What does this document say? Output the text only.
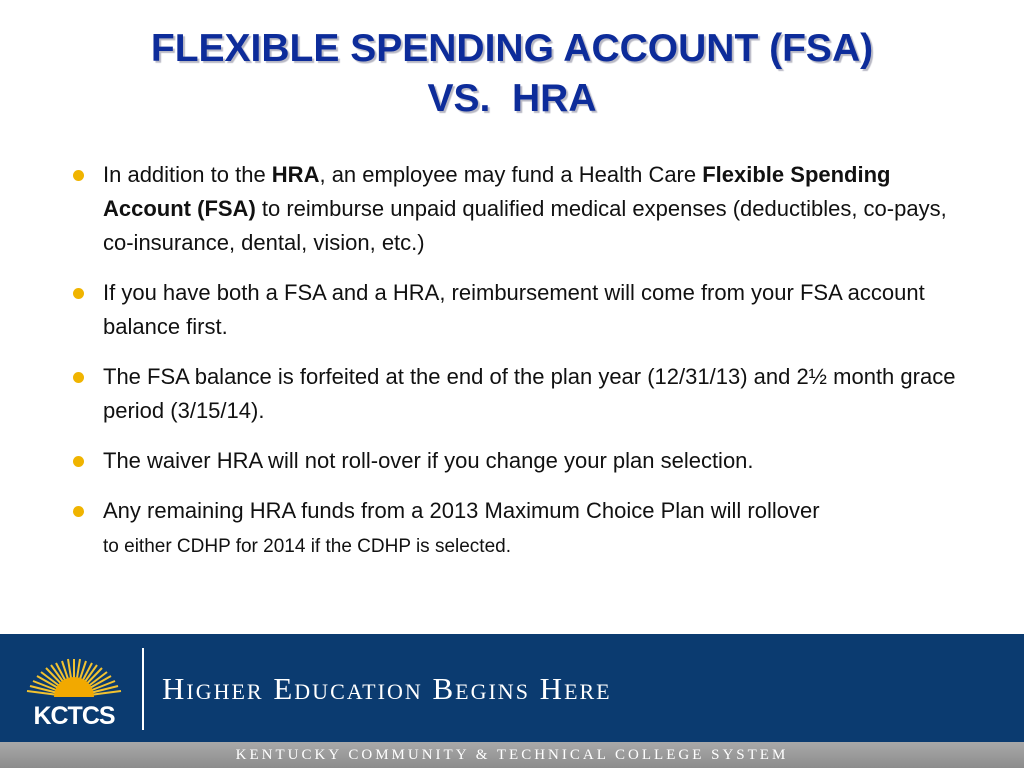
FLEXIBLE SPENDING ACCOUNT (FSA)
VS.  HRA
In addition to the HRA, an employee may fund a Health Care Flexible Spending Account (FSA) to reimburse unpaid qualified medical expenses (deductibles, co-pays, co-insurance, dental, vision, etc.)
If you have both a FSA and a HRA, reimbursement will come from your FSA account balance first.
The FSA balance is forfeited at the end of the plan year (12/31/13) and 2½ month grace period (3/15/14).
The waiver HRA will not roll-over if you change your plan selection.
Any remaining HRA funds from a 2013 Maximum Choice Plan will rollover
to either CDHP for 2014 if the CDHP is selected.
KCTCS
Higher Education Begins Here
KENTUCKY COMMUNITY & TECHNICAL COLLEGE SYSTEM
